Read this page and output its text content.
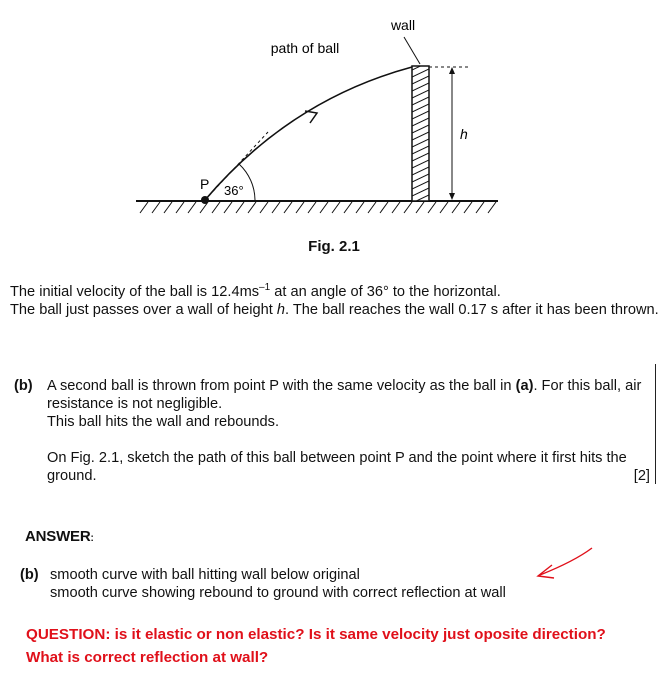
wall
h
path of ball
36°
P
Fig. 2.1
The initial velocity of the ball is $12.4ms^{-1}$ at an angle of 36° to the horizontal.
The ball just passes over a wall of height h. The ball reaches the wall 0.17 s after it has been thrown.
(b) A second ball is thrown from point P with the same velocity as the ball in (a). For this ball, air resistance is not negligible.
This ball hits the wall and rebounds.
On Fig. 2.1, sketch the path of this ball between point P and the point where it first hits the ground.	[2]
ANSWER:
(b) smooth curve with ball hitting wall below original
smooth curve showing rebound to ground with correct reflection at wall
QUESTION: is it elastic or non elastic? Is it same velocity just oposite direction?
What is correct reflection at wall?
